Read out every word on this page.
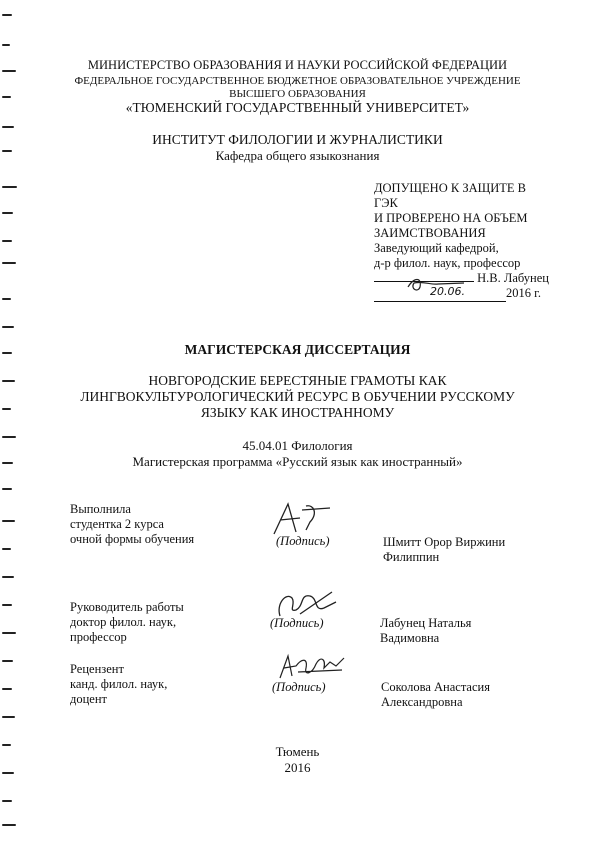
МИНИСТЕРСТВО ОБРАЗОВАНИЯ И НАУКИ РОССИЙСКОЙ ФЕДЕРАЦИИ
ФЕДЕРАЛЬНОЕ ГОСУДАРСТВЕННОЕ БЮДЖЕТНОЕ ОБРАЗОВАТЕЛЬНОЕ УЧРЕЖДЕНИЕ
ВЫСШЕГО ОБРАЗОВАНИЯ
«ТЮМЕНСКИЙ ГОСУДАРСТВЕННЫЙ УНИВЕРСИТЕТ»
ИНСТИТУТ ФИЛОЛОГИИ И ЖУРНАЛИСТИКИ
Кафедра общего языкознания
ДОПУЩЕНО К ЗАЩИТЕ В
ГЭК
И ПРОВЕРЕНО НА ОБЪЕМ
ЗАИМСТВОВАНИЯ
Заведующий кафедрой,
д-р филол. наук, профессор
Н.В. Лабунец
20.06.	2016 г.
МАГИСТЕРСКАЯ ДИССЕРТАЦИЯ
НОВГОРОДСКИЕ БЕРЕСТЯНЫЕ ГРАМОТЫ КАК
ЛИНГВОКУЛЬТУРОЛОГИЧЕСКИЙ РЕСУРС В ОБУЧЕНИИ РУССКОМУ
ЯЗЫКУ КАК ИНОСТРАННОМУ
45.04.01 Филология
Магистерская программа «Русский язык как иностранный»
Выполнила
студентка 2 курса
очной формы обучения	(Подпись)	Шмитт Орор Виржини
Филиппин
Руководитель работы
доктор филол. наук,
профессор
(Подпись)	Лабунец Наталья
Вадимовна
Рецензент
канд. филол. наук,
доцент
(Подпись)	Соколова Анастасия
Александровна
Тюмень
2016
